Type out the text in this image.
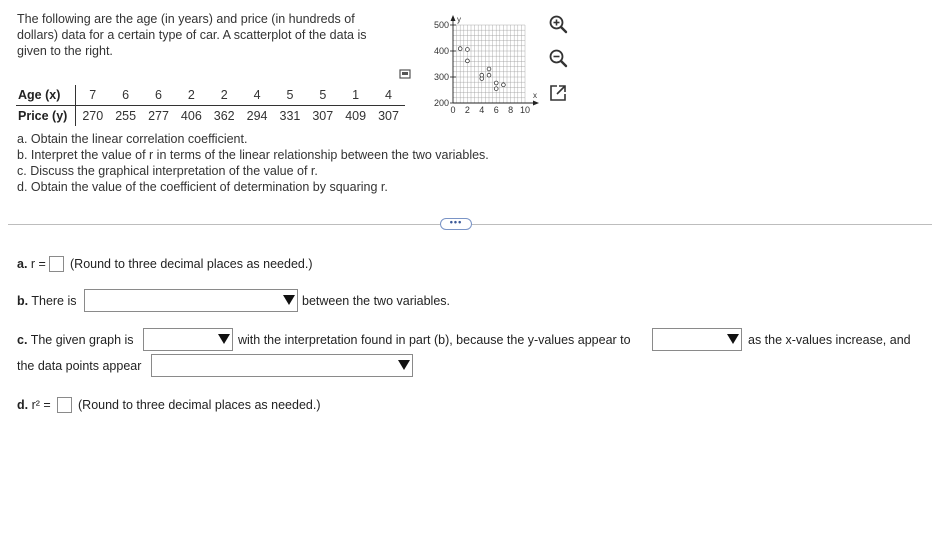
The following are the age (in years) and price (in hundreds of dollars) data for a certain type of car. A scatterplot of the data is given to the right.
Age (x)	7	6	6	2	2	4	5	5	1	4
Price (y)	270	255	277	406	362	294	331	307	409	307
200
300
400
500
0 2 4 6 8 10
x
y
a. Obtain the linear correlation coefficient.
b. Interpret the value of r in terms of the linear relationship between the two variables.
c. Discuss the graphical interpretation of the value of r.
d. Obtain the value of the coefficient of determination by squaring r.
•••
a. r = (Round to three decimal places as needed.)
b. There is	between the two variables.
c. The given graph is	with the interpretation found in part (b), because the y-values appear to	as the x-values increase, and
the data points appear
d. r² = (Round to three decimal places as needed.)
